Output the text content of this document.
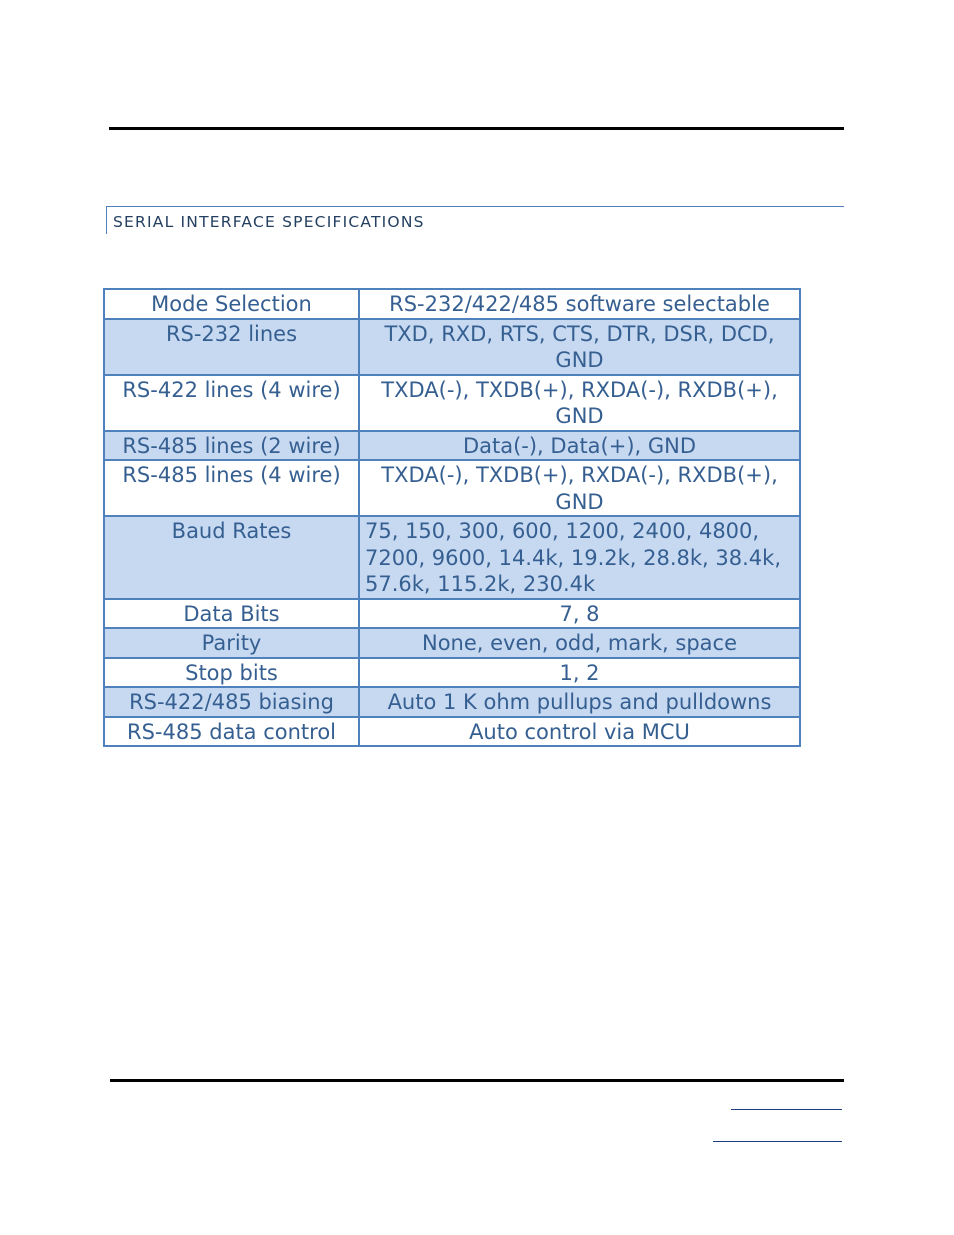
SERIAL INTERFACE SPECIFICATIONS
Mode Selection	RS-232/422/485 software selectable
RS-232 lines	TXD, RXD, RTS, CTS, DTR, DSR, DCD, GND
RS-422 lines (4 wire)	TXDA(-), TXDB(+), RXDA(-), RXDB(+), GND
RS-485 lines (2 wire)	Data(-), Data(+), GND
RS-485 lines (4 wire)	TXDA(-), TXDB(+), RXDA(-), RXDB(+), GND
Baud Rates	75, 150, 300, 600, 1200, 2400, 4800, 7200, 9600, 14.4k, 19.2k, 28.8k, 38.4k, 57.6k, 115.2k, 230.4k
Data Bits	7, 8
Parity	None, even, odd, mark, space
Stop bits	1, 2
RS-422/485 biasing	Auto 1 K ohm pullups and pulldowns
RS-485 data control	Auto control via MCU
